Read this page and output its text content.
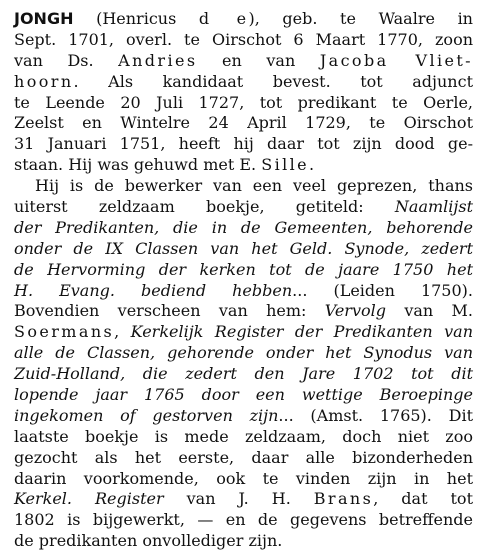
JONGH (Henricus d e), geb. te Waalre in
Sept. 1701, overl. te Oirschot 6 Maart 1770, zoon
van Ds. Andries en van Jacoba Vliet-
hoorn. Als kandidaat bevest. tot adjunct
te Leende 20 Juli 1727, tot predikant te Oerle,
Zeelst en Wintelre 24 April 1729, te Oirschot
31 Januari 1751, heeft hij daar tot zijn dood ge-
staan. Hij was gehuwd met E. Sille.
Hij is de bewerker van een veel geprezen, thans
uiterst zeldzaam boekje, getiteld: Naamlijst
der Predikanten, die in de Gemeenten, behorende
onder de IX Classen van het Geld. Synode, zedert
de Hervorming der kerken tot de jaare 1750 het
H. Evang. bediend hebben... (Leiden 1750).
Bovendien verscheen van hem: Vervolg van M.
Soermans, Kerkelijk Register der Predikanten van
alle de Classen, gehorende onder het Synodus van
Zuid-Holland, die zedert den Jare 1702 tot dit
lopende jaar 1765 door een wettige Beroepinge
ingekomen of gestorven zijn... (Amst. 1765). Dit
laatste boekje is mede zeldzaam, doch niet zoo
gezocht als het eerste, daar alle bizonderheden
daarin voorkomende, ook te vinden zijn in het
Kerkel. Register van J. H. Brans, dat tot
1802 is bijgewerkt, — en de gegevens betreffende
de predikanten onvollediger zijn.
